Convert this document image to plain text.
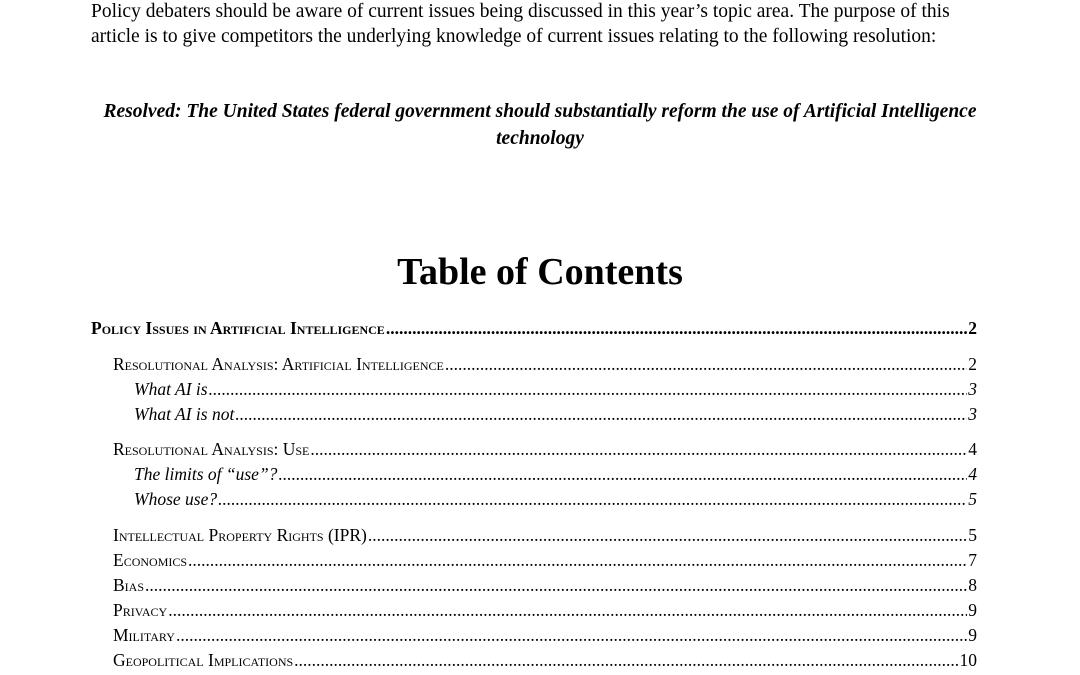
Policy debaters should be aware of current issues being discussed in this year’s topic area. The purpose of this article is to give competitors the underlying knowledge of current issues relating to the following resolution:
Resolved: The United States federal government should substantially reform the use of Artificial Intelligence technology
Table of Contents
Policy Issues in Artificial Intelligence .....	2
Resolutional Analysis: Artificial Intelligence .....	2
What AI is .....	3
What AI is not .....	3
Resolutional Analysis: Use .....	4
The limits of “use”? .....	4
Whose use? .....	5
Intellectual Property Rights (IPR) .....	5
Economics .....	7
Bias .....	8
Privacy .....	9
Military .....	9
Geopolitical Implications .....	10
